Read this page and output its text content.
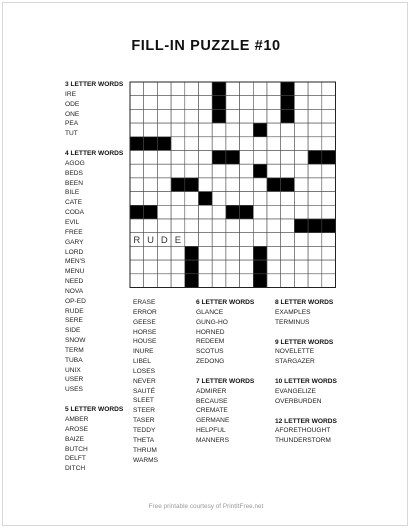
FILL-IN PUZZLE #10
R U D E
3 LETTER WORDS
IRE
ODE
ONE
PEA
TUT
4 LETTER WORDS
AGOG
BEDS
BEEN
BILE
CATE
CODA
EVIL
FREE
GARY
LORD
MEN'S
MENU
NEED
NOVA
OP-ED
RUDE
SERE
SIDE
SNOW
TERM
TUBA
UNIX
USER
USES
5 LETTER WORDS
AMBER
AROSE
BAIZE
BUTCH
DELFT
DITCH
ERASE
ERROR
GEESE
HORSE
HOUSE
INURE
LIBEL
LOSES
NEVER
SAUTÉ
SLEET
STEER
TASER
TEDDY
THETA
THRUM
WARMS
6 LETTER WORDS
GLANCE
GUNG-HO
HORNED
REDEEM
SCOTUS
ZEDONG
7 LETTER WORDS
ADMIRER
BECAUSE
CREMATE
GERMANE
HELPFUL
MANNERS
8 LETTER WORDS
EXAMPLES
TERMINUS
9 LETTER WORDS
NOVELETTE
STARGAZER
10 LETTER WORDS
EVANGELIZE
OVERBURDEN
12 LETTER WORDS
AFORETHOUGHT
THUNDERSTORM
Free printable courtesy of PrintItFree.net
